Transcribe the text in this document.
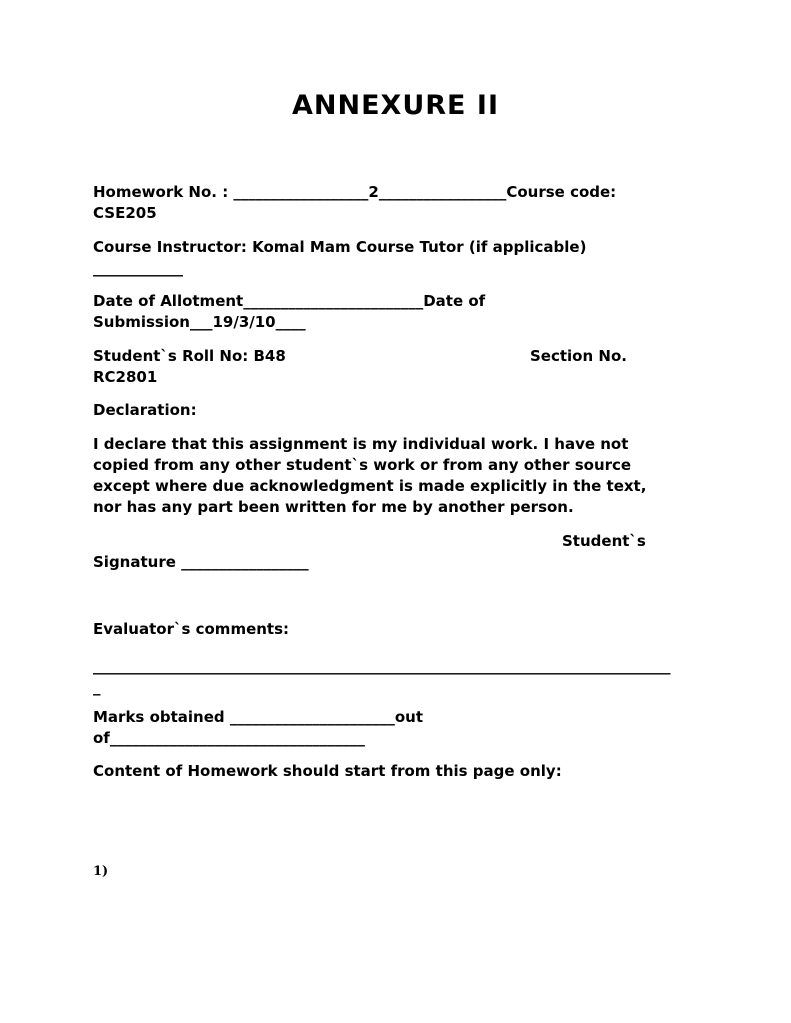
ANNEXURE II

Homework No. : __________________2_________________Course code:
CSE205

Course Instructor: Komal Mam Course Tutor (if applicable)
____________

Date of Allotment________________________Date of
Submission___19/3/10____

Student`s Roll No: B48	Section No.
RC2801

Declaration:

I declare that this assignment is my individual work. I have not
copied from any other student`s work or from any other source
except where due acknowledgment is made explicitly in the text,
nor has any part been written for me by another person.

Student`s
Signature _________________

Evaluator`s comments:

_____________________________________________________________________________
_

Marks obtained ______________________out
of__________________________________

Content of Homework should start from this page only:

1)
